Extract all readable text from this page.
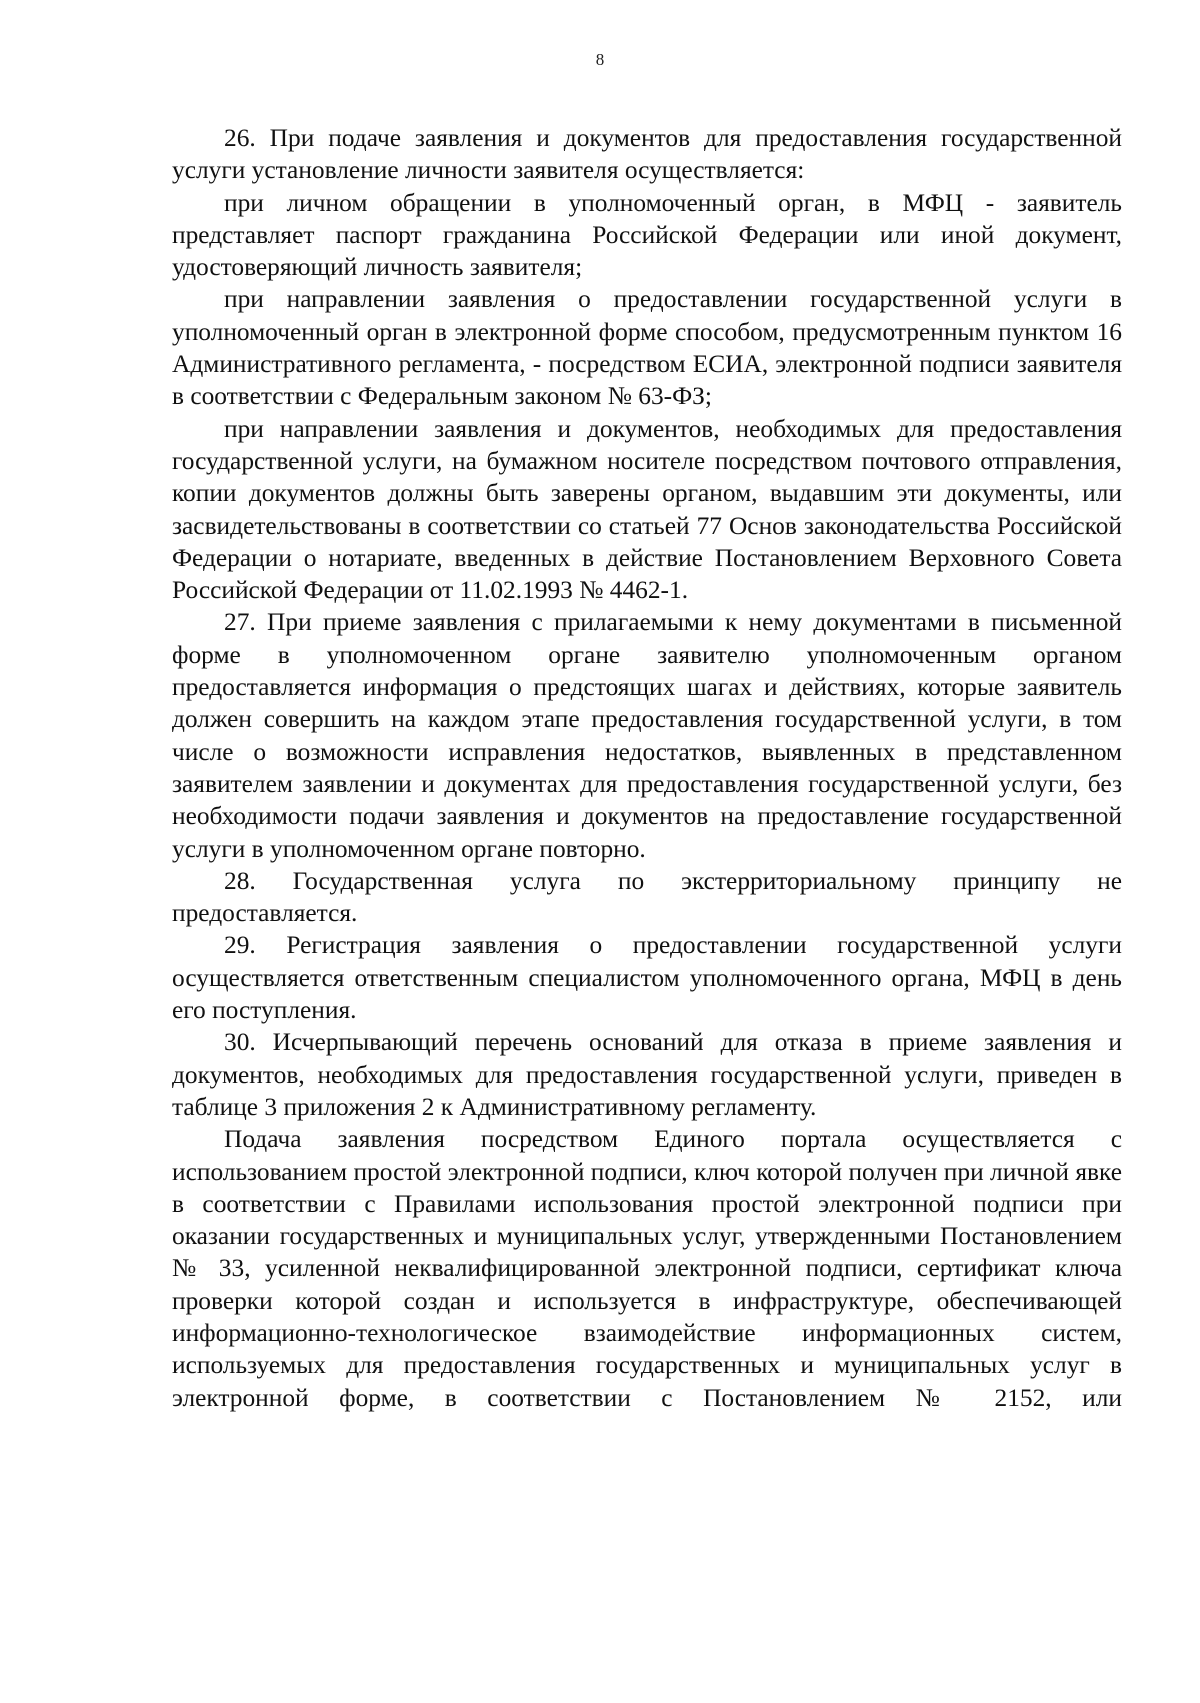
8

26. При подаче заявления и документов для предоставления государственной услуги установление личности заявителя осуществляется:

при личном обращении в уполномоченный орган, в МФЦ - заявитель представляет паспорт гражданина Российской Федерации или иной документ, удостоверяющий личность заявителя;

при направлении заявления о предоставлении государственной услуги в уполномоченный орган в электронной форме способом, предусмотренным пунктом 16 Административного регламента, - посредством ЕСИА, электронной подписи заявителя в соответствии с Федеральным законом № 63-ФЗ;

при направлении заявления и документов, необходимых для предоставления государственной услуги, на бумажном носителе посредством почтового отправления, копии документов должны быть заверены органом, выдавшим эти документы, или засвидетельствованы в соответствии со статьей 77 Основ законодательства Российской Федерации о нотариате, введенных в действие Постановлением Верховного Совета Российской Федерации от 11.02.1993 № 4462-1.

27. При приеме заявления с прилагаемыми к нему документами в письменной форме в уполномоченном органе заявителю уполномоченным органом предоставляется информация о предстоящих шагах и действиях, которые заявитель должен совершить на каждом этапе предоставления государственной услуги, в том числе о возможности исправления недостатков, выявленных в представленном заявителем заявлении и документах для предоставления государственной услуги, без необходимости подачи заявления и документов на предоставление государственной услуги в уполномоченном органе повторно.

28. Государственная услуга по экстерриториальному принципу не предоставляется.

29. Регистрация заявления о предоставлении государственной услуги осуществляется ответственным специалистом уполномоченного органа, МФЦ в день его поступления.

30. Исчерпывающий перечень оснований для отказа в приеме заявления и документов, необходимых для предоставления государственной услуги, приведен в таблице 3 приложения 2 к Административному регламенту.

Подача заявления посредством Единого портала осуществляется с использованием простой электронной подписи, ключ которой получен при личной явке в соответствии с Правилами использования простой электронной подписи при оказании государственных и муниципальных услуг, утвержденными Постановлением № 33, усиленной неквалифицированной электронной подписи, сертификат ключа проверки которой создан и используется в инфраструктуре, обеспечивающей информационно-технологическое взаимодействие информационных систем, используемых для предоставления государственных и муниципальных услуг в электронной форме, в соответствии с Постановлением № 2152, или
